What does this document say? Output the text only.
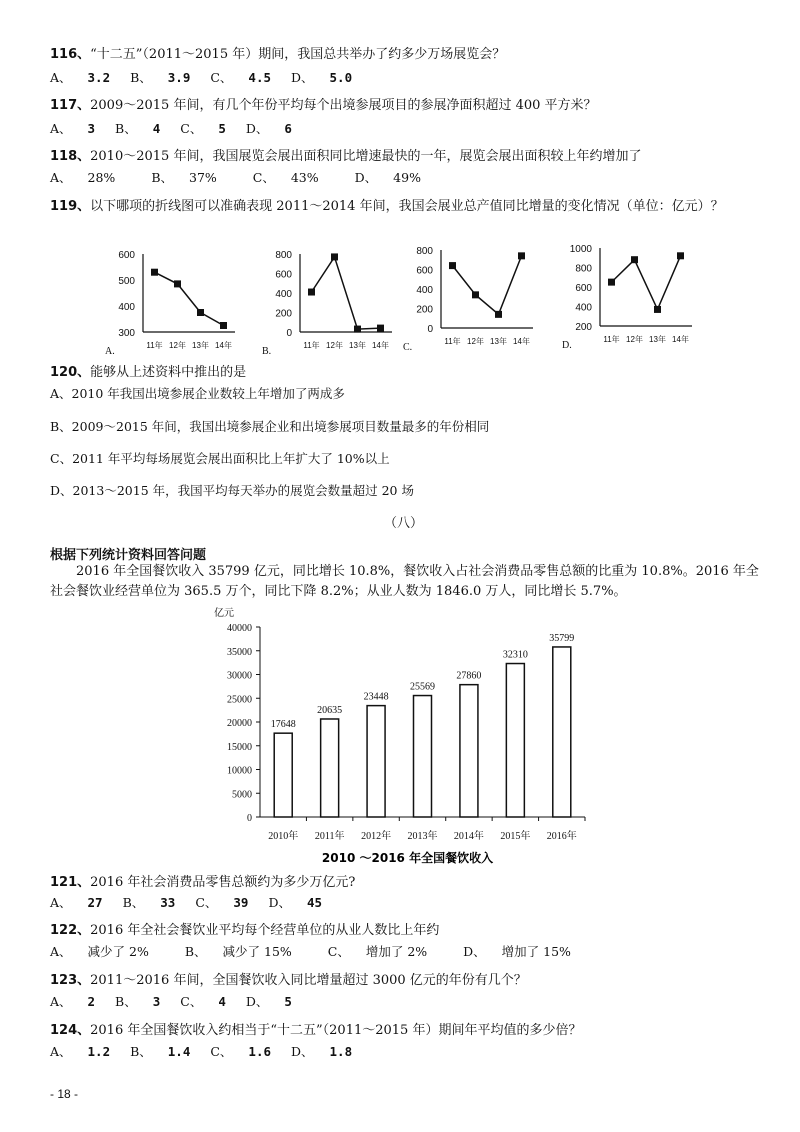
116、“十二五”（2011～2015 年）期间，我国总共举办了约多少万场展览会？
A、 3.2 B、 3.9 C、 4.5 D、 5.0
117、2009～2015 年间，有几个年份平均每个出境参展项目的参展净面积超过 400 平方米？
A、 3 B、 4 C、 5 D、 6
118、2010～2015 年间，我国展览会展出面积同比增速最快的一年，展览会展出面积较上年约增加了
A、 28%	B、 37%	C、 43%	D、 49%
119、以下哪项的折线图可以准确表现 2011～2014 年间，我国会展业总产值同比增量的变化情况（单位：亿元）？
300
400
500
600
11年 12年 13年 14年
A.
0
200
400
600
800
11年 12年 13年 14年
B.
0
200
400
600
800
11年 12年 13年 14年
C.
200
400
600
800
1000
11年 12年 13年 14年
D.
120、能够从上述资料中推出的是
A、2010 年我国出境参展企业数较上年增加了两成多
B、2009～2015 年间，我国出境参展企业和出境参展项目数量最多的年份相同
C、2011 年平均每场展览会展出面积比上年扩大了 10%以上
D、2013～2015 年，我国平均每天举办的展览会数量超过 20 场
（八）
根据下列统计资料回答问题
2016 年全国餐饮收入 35799 亿元，同比增长 10.8%，餐饮收入占社会消费品零售总额的比重为 10.8%。2016 年全社会餐饮业经营单位为 365.5 万个，同比下降 8.2%；从业人数为 1846.0 万人，同比增长 5.7%。
亿元
0
5000
10000
15000
20000
25000
30000
35000
40000
17648
2010年
20635
2011年
23448
2012年
25569
2013年
27860
2014年
32310
2015年
35799
2016年
2010 ～2016 年全国餐饮收入
121、2016 年社会消费品零售总额约为多少万亿元?
A、 27 B、 33 C、 39 D、 45
122、2016 年全社会餐饮业平均每个经营单位的从业人数比上年约
A、 减少了 2%	B、 减少了 15%	C、 增加了 2%	D、 增加了 15%
123、2011～2016 年间，全国餐饮收入同比增量超过 3000 亿元的年份有几个？
A、 2 B、 3 C、 4 D、 5
124、2016 年全国餐饮收入约相当于“十二五”（2011～2015 年）期间年平均值的多少倍？
A、 1.2 B、 1.4 C、 1.6 D、 1.8
- 18 -
